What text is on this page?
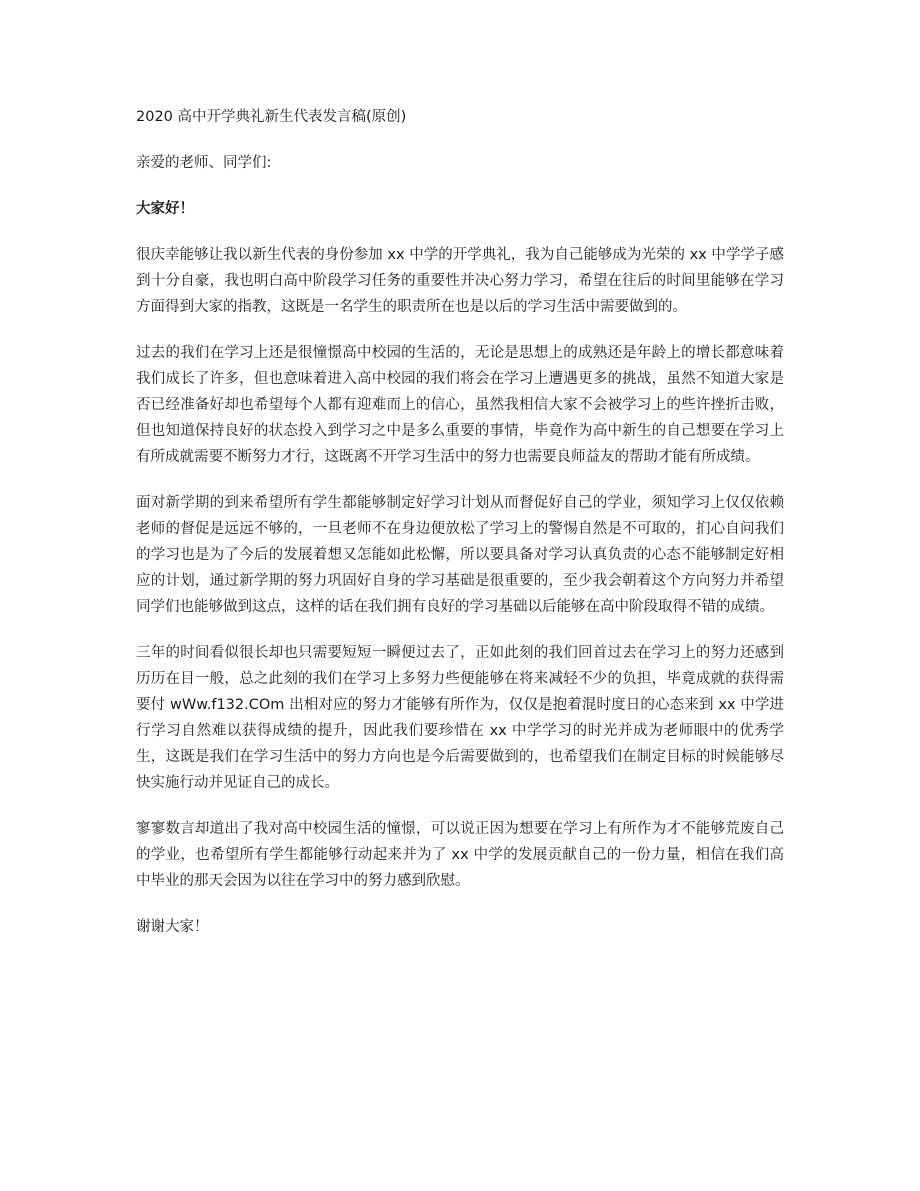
2020 高中开学典礼新生代表发言稿(原创)
亲爱的老师、同学们:
大家好！
很庆幸能够让我以新生代表的身份参加 xx 中学的开学典礼，我为自己能够成为光荣的 xx 中学学子感到十分自豪，我也明白高中阶段学习任务的重要性并决心努力学习，希望在往后的时间里能够在学习方面得到大家的指教，这既是一名学生的职责所在也是以后的学习生活中需要做到的。
过去的我们在学习上还是很憧憬高中校园的生活的，无论是思想上的成熟还是年龄上的增长都意味着我们成长了许多，但也意味着进入高中校园的我们将会在学习上遭遇更多的挑战，虽然不知道大家是否已经准备好却也希望每个人都有迎难而上的信心，虽然我相信大家不会被学习上的些许挫折击败，但也知道保持良好的状态投入到学习之中是多么重要的事情，毕竟作为高中新生的自己想要在学习上有所成就需要不断努力才行，这既离不开学习生活中的努力也需要良师益友的帮助才能有所成绩。
面对新学期的到来希望所有学生都能够制定好学习计划从而督促好自己的学业，须知学习上仅仅依赖老师的督促是远远不够的，一旦老师不在身边便放松了学习上的警惕自然是不可取的，扪心自问我们的学习也是为了今后的发展着想又怎能如此松懈，所以要具备对学习认真负责的心态不能够制定好相应的计划，通过新学期的努力巩固好自身的学习基础是很重要的，至少我会朝着这个方向努力并希望同学们也能够做到这点，这样的话在我们拥有良好的学习基础以后能够在高中阶段取得不错的成绩。
三年的时间看似很长却也只需要短短一瞬便过去了，正如此刻的我们回首过去在学习上的努力还感到历历在目一般，总之此刻的我们在学习上多努力些便能够在将来减轻不少的负担，毕竟成就的获得需要付 wWw.f132.COm 出相对应的努力才能够有所作为，仅仅是抱着混时度日的心态来到 xx 中学进行学习自然难以获得成绩的提升，因此我们要珍惜在 xx 中学学习的时光并成为老师眼中的优秀学生，这既是我们在学习生活中的努力方向也是今后需要做到的，也希望我们在制定目标的时候能够尽快实施行动并见证自己的成长。
寥寥数言却道出了我对高中校园生活的憧憬，可以说正因为想要在学习上有所作为才不能够荒废自己的学业，也希望所有学生都能够行动起来并为了 xx 中学的发展贡献自己的一份力量，相信在我们高中毕业的那天会因为以往在学习中的努力感到欣慰。
谢谢大家！
